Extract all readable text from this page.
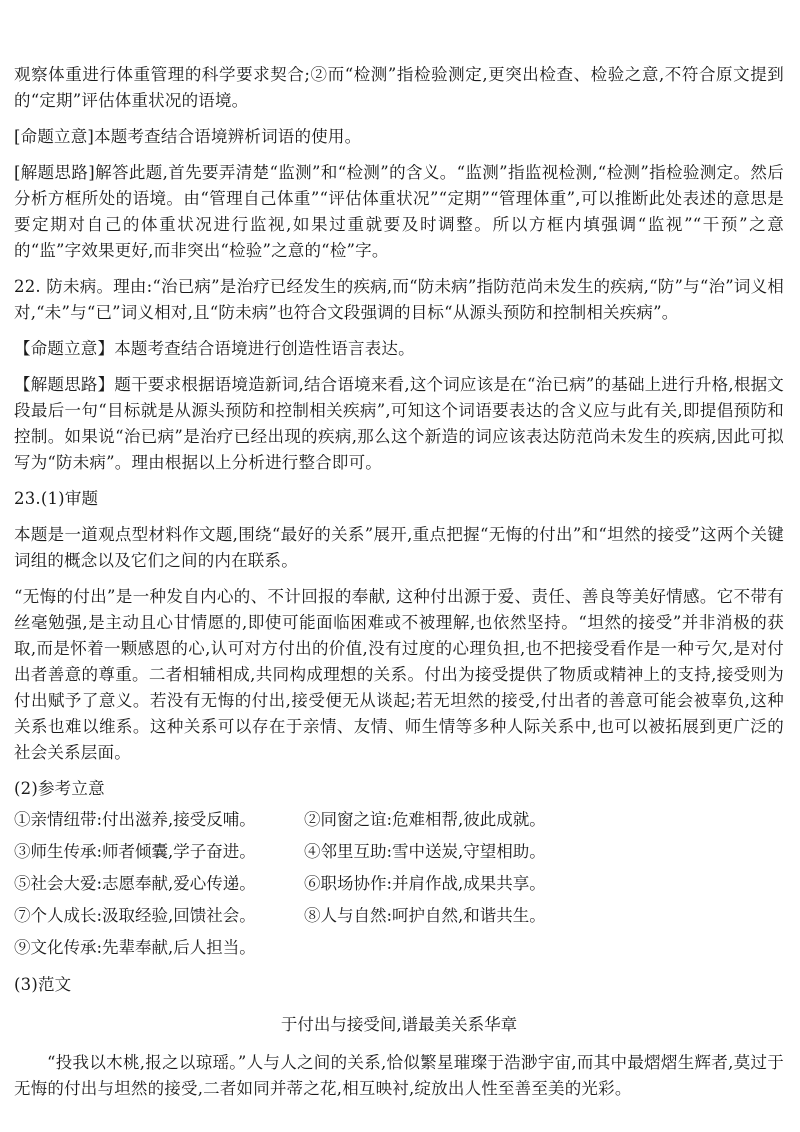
观察体重进行体重管理的科学要求契合;②而“检测”指检验测定,更突出检查、检验之意,不符合原文提到的“定期”评估体重状况的语境。

[命题立意]本题考查结合语境辨析词语的使用。

[解题思路]解答此题,首先要弄清楚“监测”和“检测”的含义。“监测”指监视检测,“检测”指检验测定。然后分析方框所处的语境。由“管理自己体重”“评估体重状况”“定期”“管理体重”,可以推断此处表述的意思是要定期对自己的体重状况进行监视,如果过重就要及时调整。所以方框内填强调“监视”“干预”之意的“监”字效果更好,而非突出“检验”之意的“检”字。

22. 防未病。理由:“治已病”是治疗已经发生的疾病,而“防未病”指防范尚未发生的疾病,“防”与“治”词义相对,“未”与“已”词义相对,且“防未病”也符合文段强调的目标“从源头预防和控制相关疾病”。

【命题立意】本题考查结合语境进行创造性语言表达。

【解题思路】题干要求根据语境造新词,结合语境来看,这个词应该是在“治已病”的基础上进行升格,根据文段最后一句“目标就是从源头预防和控制相关疾病”,可知这个词语要表达的含义应与此有关,即提倡预防和控制。如果说“治已病”是治疗已经出现的疾病,那么这个新造的词应该表达防范尚未发生的疾病,因此可拟写为“防未病”。理由根据以上分析进行整合即可。

23.(1)审题

本题是一道观点型材料作文题,围绕“最好的关系”展开,重点把握“无悔的付出”和“坦然的接受”这两个关键词组的概念以及它们之间的内在联系。

“无悔的付出”是一种发自内心的、不计回报的奉献, 这种付出源于爱、责任、善良等美好情感。它不带有丝毫勉强,是主动且心甘情愿的,即使可能面临困难或不被理解,也依然坚持。“坦然的接受”并非消极的获取,而是怀着一颗感恩的心,认可对方付出的价值,没有过度的心理负担,也不把接受看作是一种亏欠,是对付出者善意的尊重。二者相辅相成,共同构成理想的关系。付出为接受提供了物质或精神上的支持,接受则为付出赋予了意义。若没有无悔的付出,接受便无从谈起;若无坦然的接受,付出者的善意可能会被辜负,这种关系也难以维系。这种关系可以存在于亲情、友情、师生情等多种人际关系中,也可以被拓展到更广泛的社会关系层面。

(2)参考立意

①亲情纽带:付出滋养,接受反哺。	②同窗之谊:危难相帮,彼此成就。
③师生传承:师者倾囊,学子奋进。	④邻里互助:雪中送炭,守望相助。
⑤社会大爱:志愿奉献,爱心传递。	⑥职场协作:并肩作战,成果共享。
⑦个人成长:汲取经验,回馈社会。	⑧人与自然:呵护自然,和谐共生。
⑨文化传承:先辈奉献,后人担当。

(3)范文

于付出与接受间,谱最美关系华章

“投我以木桃,报之以琼瑶。”人与人之间的关系,恰似繁星璀璨于浩渺宇宙,而其中最熠熠生辉者,莫过于无悔的付出与坦然的接受,二者如同并蒂之花,相互映衬,绽放出人性至善至美的光彩。
